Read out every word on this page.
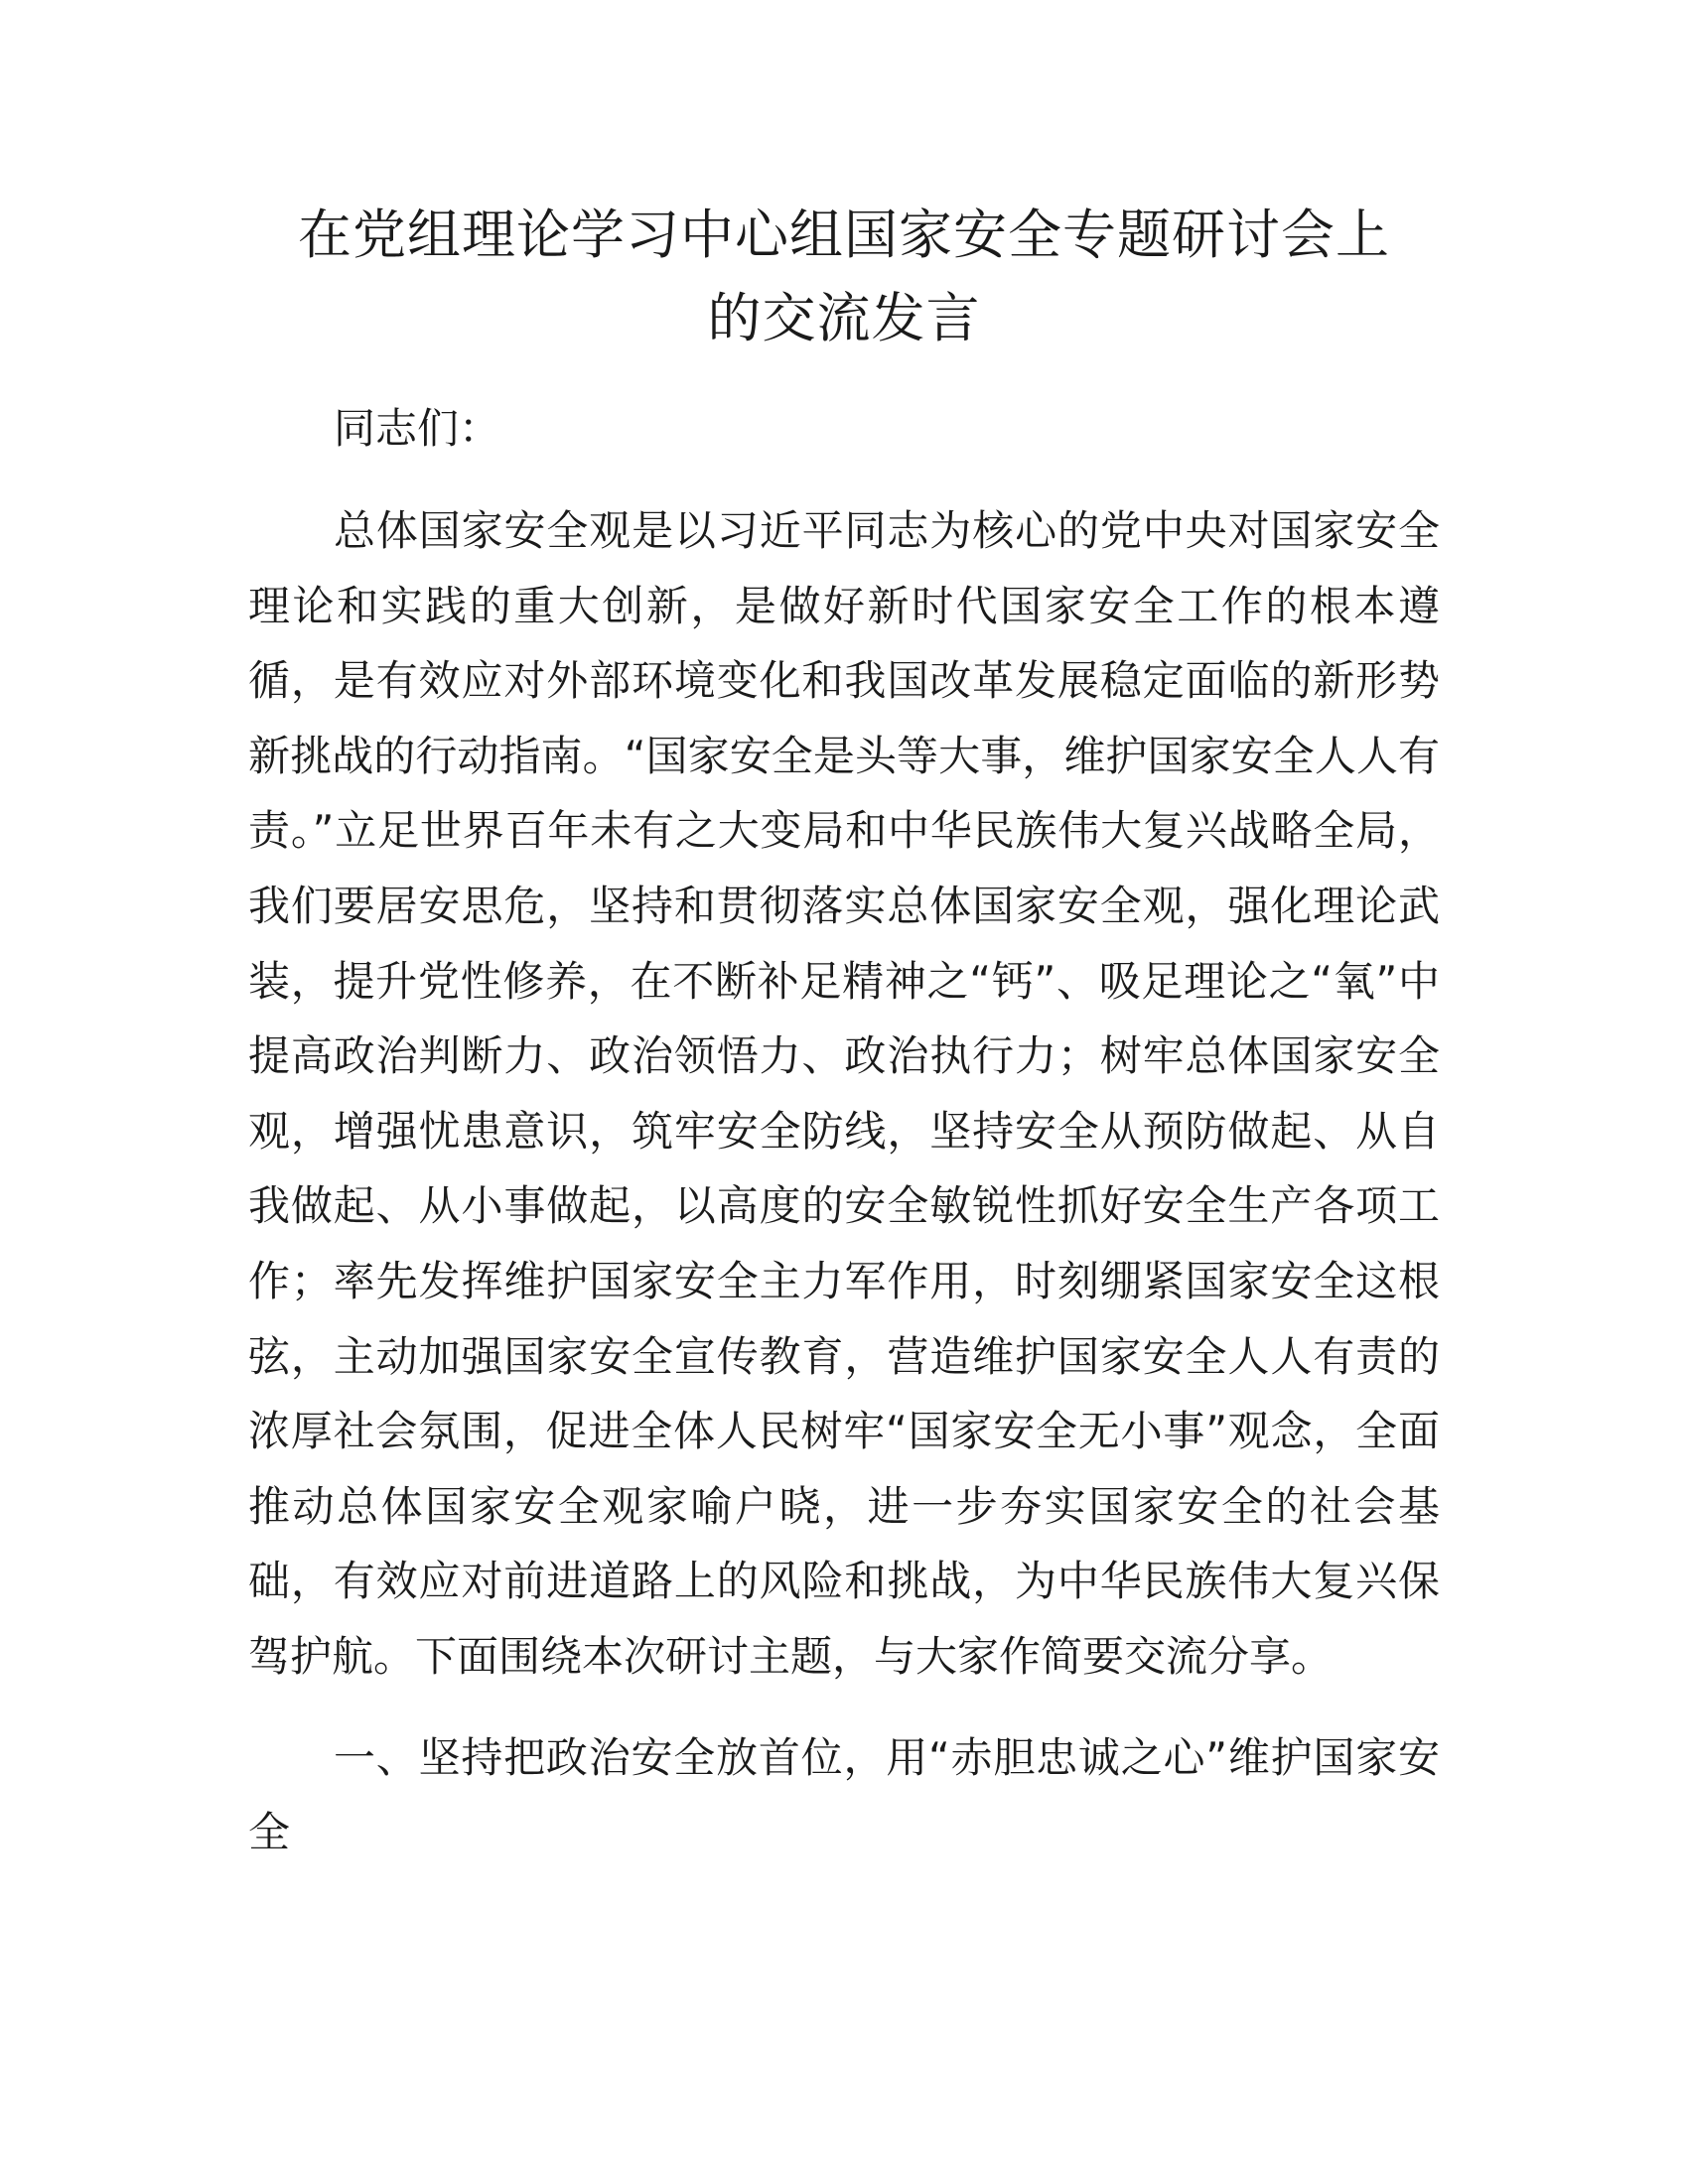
在党组理论学习中心组国家安全专题研讨会上
的交流发言

同志们：

总体国家安全观是以习近平同志为核心的党中央对国家安全理论和实践的重大创新，是做好新时代国家安全工作的根本遵循，是有效应对外部环境变化和我国改革发展稳定面临的新形势新挑战的行动指南。“国家安全是头等大事，维护国家安全人人有责。”立足世界百年未有之大变局和中华民族伟大复兴战略全局，我们要居安思危，坚持和贯彻落实总体国家安全观，强化理论武装，提升党性修养，在不断补足精神之“钙”、吸足理论之“氧”中提高政治判断力、政治领悟力、政治执行力；树牢总体国家安全观，增强忧患意识，筑牢安全防线，坚持安全从预防做起、从自我做起、从小事做起，以高度的安全敏锐性抓好安全生产各项工作；率先发挥维护国家安全主力军作用，时刻绷紧国家安全这根弦，主动加强国家安全宣传教育，营造维护国家安全人人有责的浓厚社会氛围，促进全体人民树牢“国家安全无小事”观念，全面推动总体国家安全观家喻户晓，进一步夯实国家安全的社会基础，有效应对前进道路上的风险和挑战，为中华民族伟大复兴保驾护航。下面围绕本次研讨主题，与大家作简要交流分享。

一、坚持把政治安全放首位，用“赤胆忠诚之心”维护国家安全
